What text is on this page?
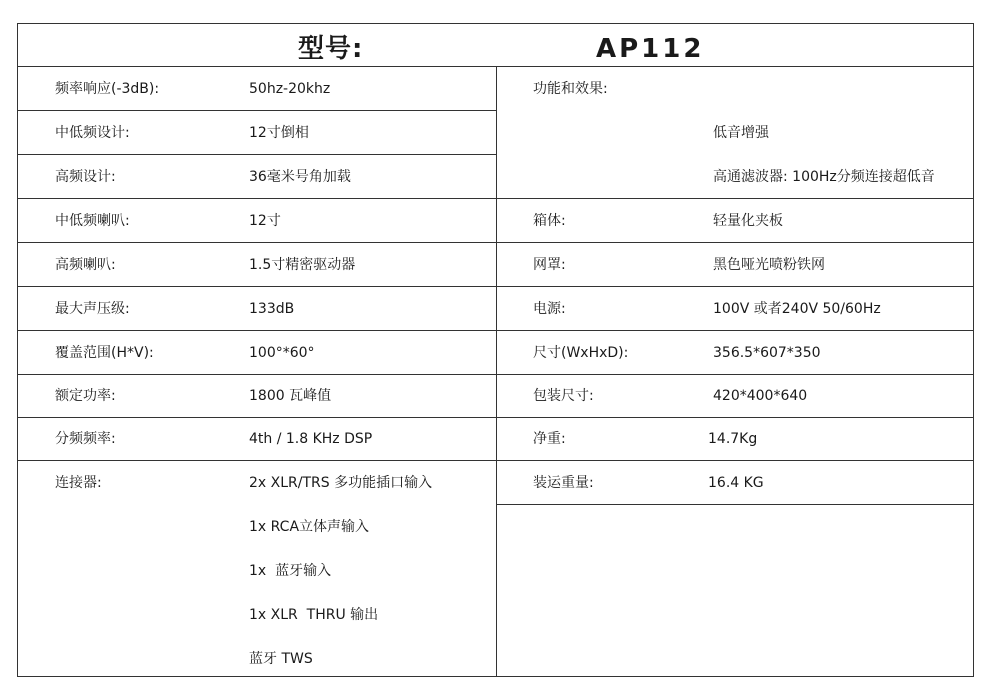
型号:	AP112
频率响应(-3dB):	50hz-20khz
中低频设计:	12寸倒相
高频设计:	36毫米号角加载
中低频喇叭:	12寸
高频喇叭:	1.5寸精密驱动器
最大声压级:	133dB
覆盖范围(H*V):	100°*60°
额定功率:	1800 瓦峰值
分频频率:	4th / 1.8 KHz DSP
连接器:	2x XLR/TRS 多功能插口输入
1x RCA立体声输入
1x  蓝牙输入
1x XLR  THRU 输出
蓝牙 TWS
功能和效果:
低音增强
高通滤波器: 100Hz分频连接超低音
箱体:	轻量化夹板
网罩:	黑色哑光喷粉铁网
电源:	100V 或者240V 50/60Hz
尺寸(WxHxD):	356.5*607*350
包装尺寸:	420*400*640
净重:	14.7Kg
装运重量:	16.4 KG
